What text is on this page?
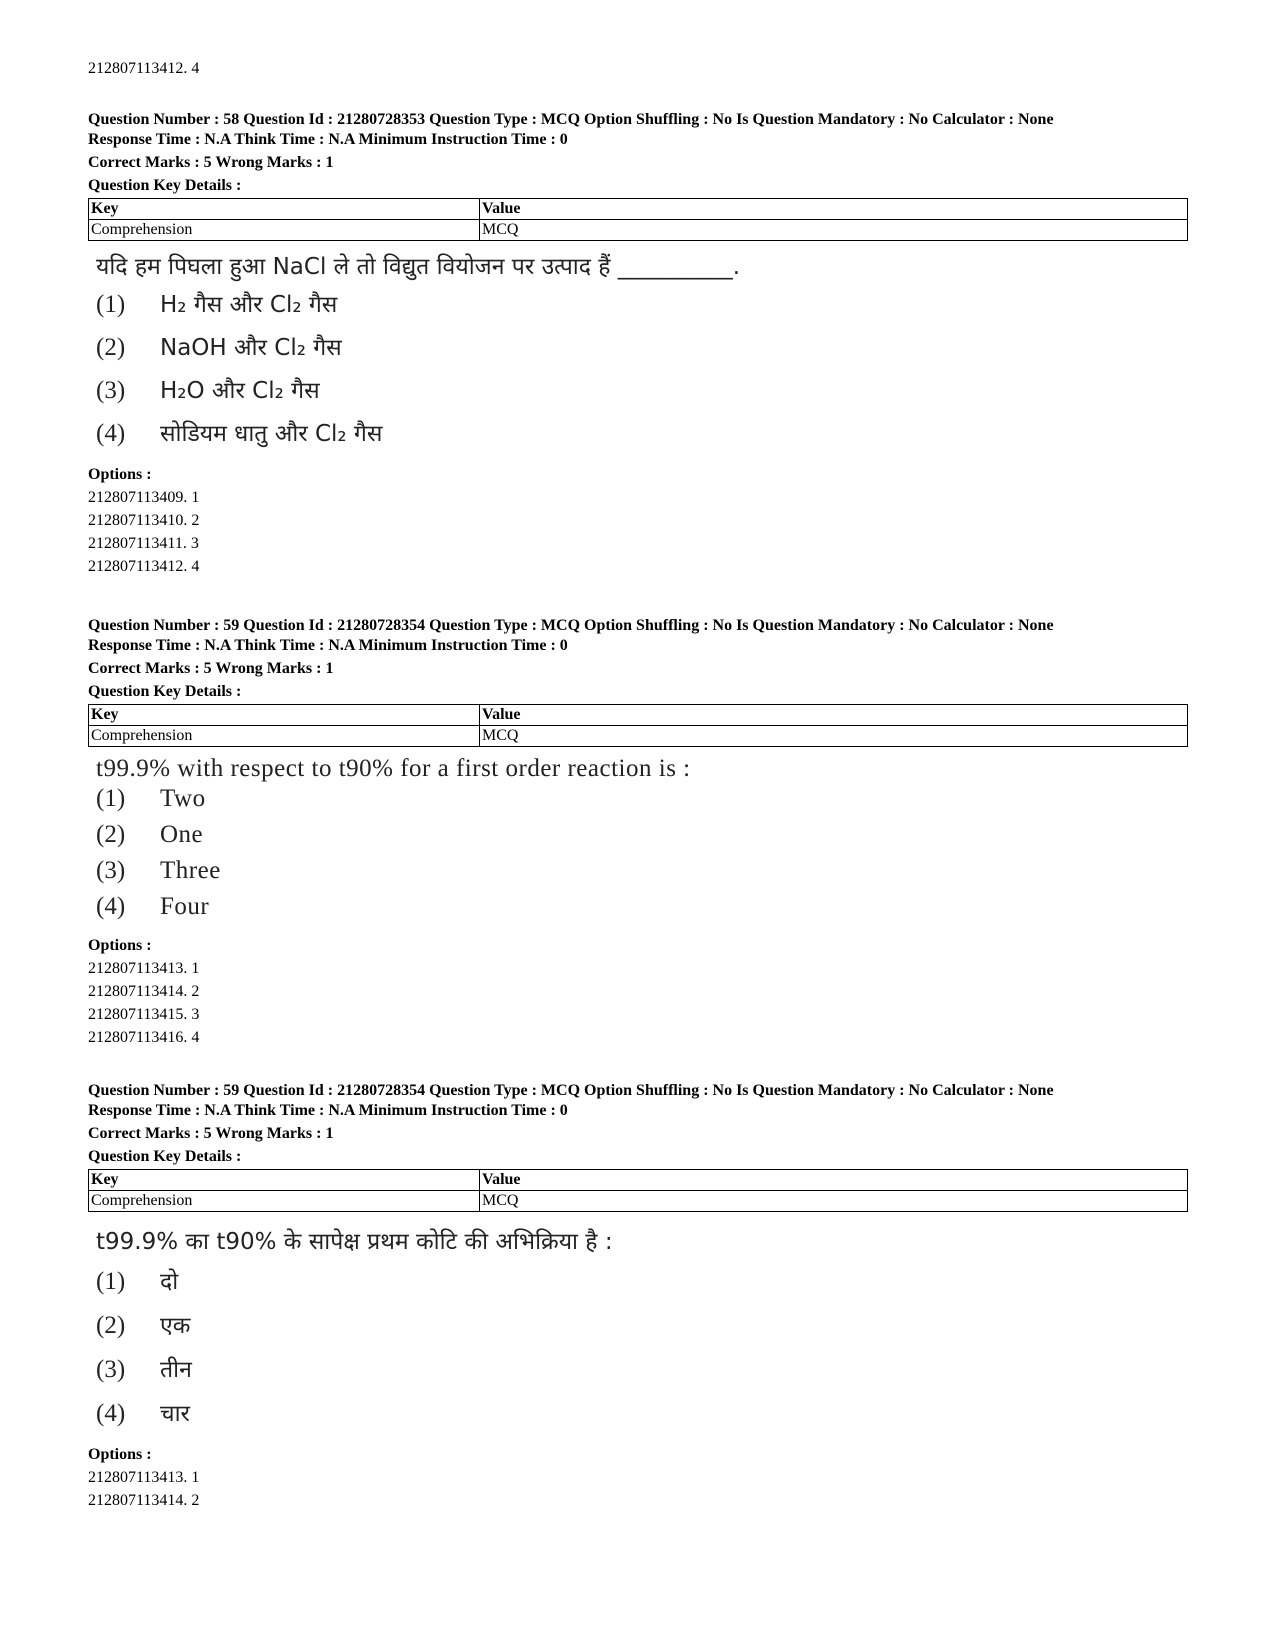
212807113412. 4

Question Number : 58 Question Id : 21280728353 Question Type : MCQ Option Shuffling : No Is Question Mandatory : No Calculator : None

Response Time : N.A Think Time : N.A Minimum Instruction Time : 0

Correct Marks : 5 Wrong Marks : 1

Question Key Details :

Key	Value
Comprehension	MCQ
यदि हम पिघला हुआ NaCl ले तो विद्युत वियोजन पर उत्पाद हैं __________.
(1)	H₂ गैस और Cl₂ गैस
(2)	NaOH और Cl₂ गैस
(3)	H₂O और Cl₂ गैस
(4)	सोडियम धातु और Cl₂ गैस
Options :
212807113409. 1
212807113410. 2
212807113411. 3
212807113412. 4

Question Number : 59 Question Id : 21280728354 Question Type : MCQ Option Shuffling : No Is Question Mandatory : No Calculator : None

Response Time : N.A Think Time : N.A Minimum Instruction Time : 0

Correct Marks : 5 Wrong Marks : 1

Question Key Details :

Key	Value
Comprehension	MCQ
t99.9% with respect to t90% for a first order reaction is :
(1)	Two
(2)	One
(3)	Three
(4)	Four
Options :
212807113413. 1
212807113414. 2
212807113415. 3
212807113416. 4

Question Number : 59 Question Id : 21280728354 Question Type : MCQ Option Shuffling : No Is Question Mandatory : No Calculator : None

Response Time : N.A Think Time : N.A Minimum Instruction Time : 0

Correct Marks : 5 Wrong Marks : 1

Question Key Details :

Key	Value
Comprehension	MCQ
t99.9% का t90% के सापेक्ष प्रथम कोटि की अभिक्रिया है :
(1)	दो
(2)	एक
(3)	तीन
(4)	चार
Options :
212807113413. 1
212807113414. 2
